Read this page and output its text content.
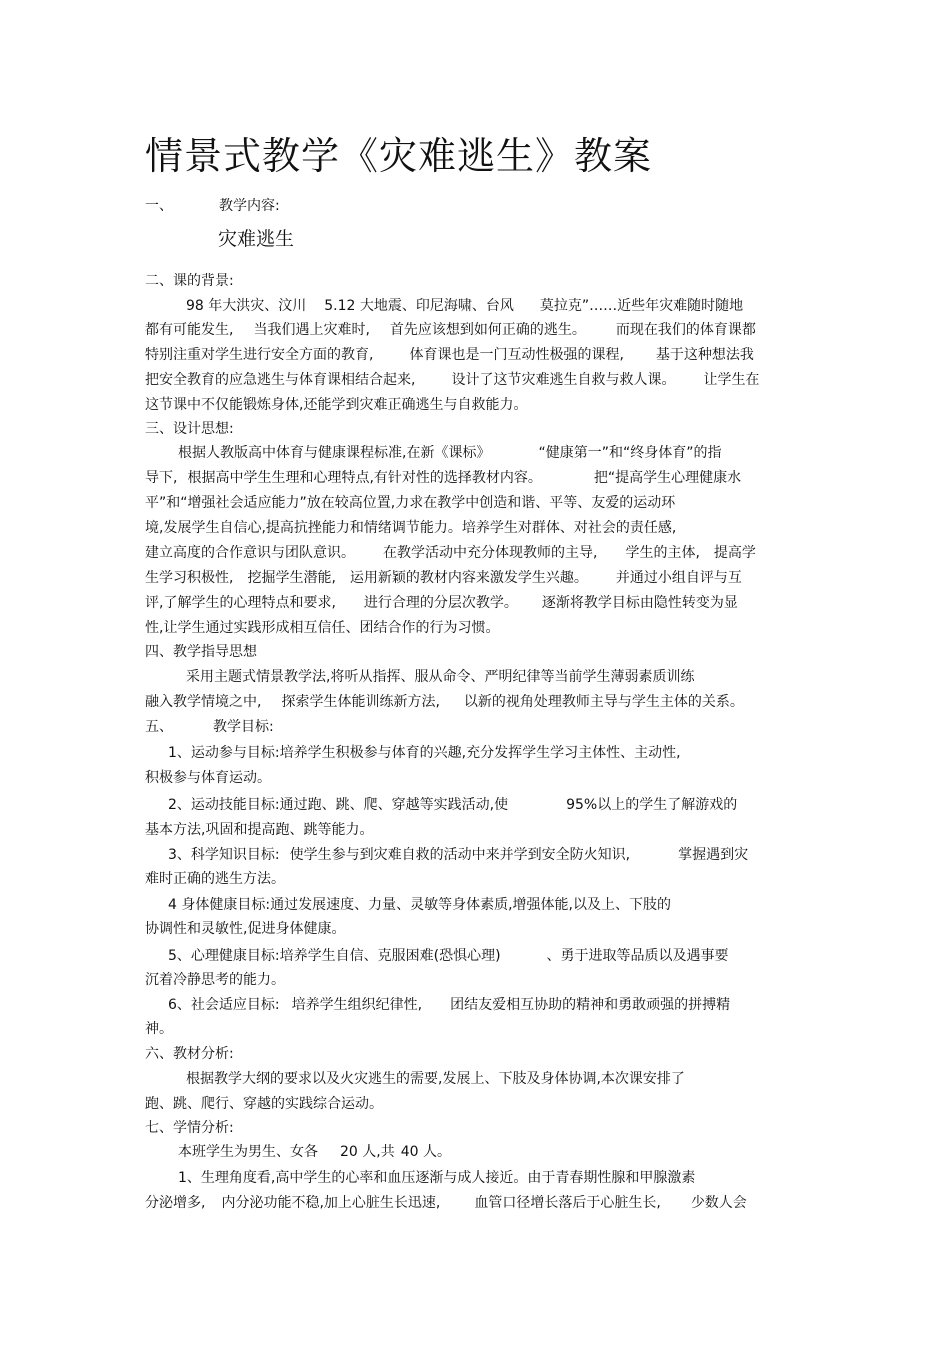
情景式教学《灾难逃生》教案
一、	教学内容:
灾难逃生
二、课的背景:
98 年大洪灾、汶川 5.12 大地震、印尼海啸、台风 莫拉克”……近些年灾难随时随地
都有可能发生, 当我们遇上灾难时, 首先应该想到如何正确的逃生。 而现在我们的体育课都
特别注重对学生进行安全方面的教育,	体育课也是一门互动性极强的课程, 基于这种想法我
把安全教育的应急逃生与体育课相结合起来,	设计了这节灾难逃生自救与救人课。 让学生在
这节课中不仅能锻炼身体,还能学到灾难正确逃生与自救能力。
三、设计思想:
根据人教版高中体育与健康课程标准,在新《课标》	“健康第一”和“终身体育”的指
导下, 根据高中学生生理和心理特点,有针对性的选择教材内容。	把“提高学生心理健康水
平”和“增强社会适应能力”放在较高位置,力求在教学中创造和谐、平等、友爱的运动环
境,发展学生自信心,提高抗挫能力和情绪调节能力。培养学生对群体、对社会的责任感,
建立高度的合作意识与团队意识。 在教学活动中充分体现教师的主导, 学生的主体, 提高学
生学习积极性, 挖掘学生潜能, 运用新颖的教材内容来激发学生兴趣。 并通过小组自评与互
评,了解学生的心理特点和要求, 进行合理的分层次教学。 逐渐将教学目标由隐性转变为显
性,让学生通过实践形成相互信任、团结合作的行为习惯。
四、教学指导思想
采用主题式情景教学法,将听从指挥、服从命令、严明纪律等当前学生薄弱素质训练
融入教学情境之中, 探索学生体能训练新方法, 以新的视角处理教师主导与学生主体的关系。
五、	教学目标:
1、运动参与目标:培养学生积极参与体育的兴趣,充分发挥学生学习主体性、主动性,
积极参与体育运动。
2、运动技能目标:通过跑、跳、爬、穿越等实践活动,使	95%以上的学生了解游戏的
基本方法,巩固和提高跑、跳等能力。
3、科学知识目标: 使学生参与到灾难自救的活动中来并学到安全防火知识,	掌握遇到灾
难时正确的逃生方法。
4 身体健康目标:通过发展速度、力量、灵敏等身体素质,增强体能,以及上、下肢的
协调性和灵敏性,促进身体健康。
5、心理健康目标:培养学生自信、克服困难(恐惧心理)	、勇于进取等品质以及遇事要
沉着冷静思考的能力。
6、社会适应目标: 培养学生组织纪律性, 团结友爱相互协助的精神和勇敢顽强的拼搏精
神。
六、教材分析:
根据教学大纲的要求以及火灾逃生的需要,发展上、下肢及身体协调,本次课安排了
跑、跳、爬行、穿越的实践综合运动。
七、学情分析:
本班学生为男生、女各 20 人,共 40 人。
1、生理角度看,高中学生的心率和血压逐渐与成人接近。由于青春期性腺和甲腺激素
分泌增多, 内分泌功能不稳,加上心脏生长迅速, 血管口径增长落后于心脏生长, 少数人会
